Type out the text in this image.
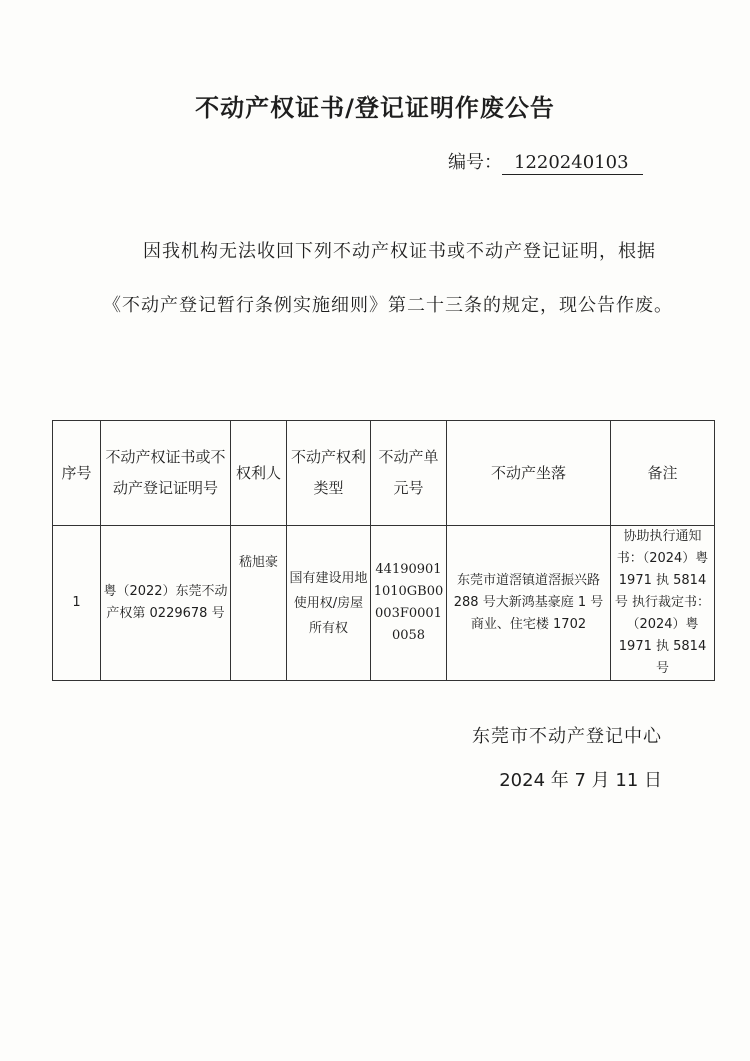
不动产权证书/登记证明作废公告
编号： 1220240103
因我机构无法收回下列不动产权证书或不动产登记证明，根据《不动产登记暂行条例实施细则》第二十三条的规定，现公告作废。
序号	不动产权证书或不动产登记证明号	权利人	不动产权利类型	不动产单元号	不动产坐落	备注
1	粤（2022）东莞不动产权第 0229678 号	嵇旭豪	国有建设用地使用权/房屋所有权	441909011010GB00003F00010058	东莞市道滘镇道滘振兴路 288 号大新鸿基豪庭 1 号商业、住宅楼 1702	协助执行通知书：（2024）粤 1971 执 5814 号 执行裁定书：（2024）粤 1971 执 5814 号
东莞市不动产登记中心
2024 年 7 月 11 日
